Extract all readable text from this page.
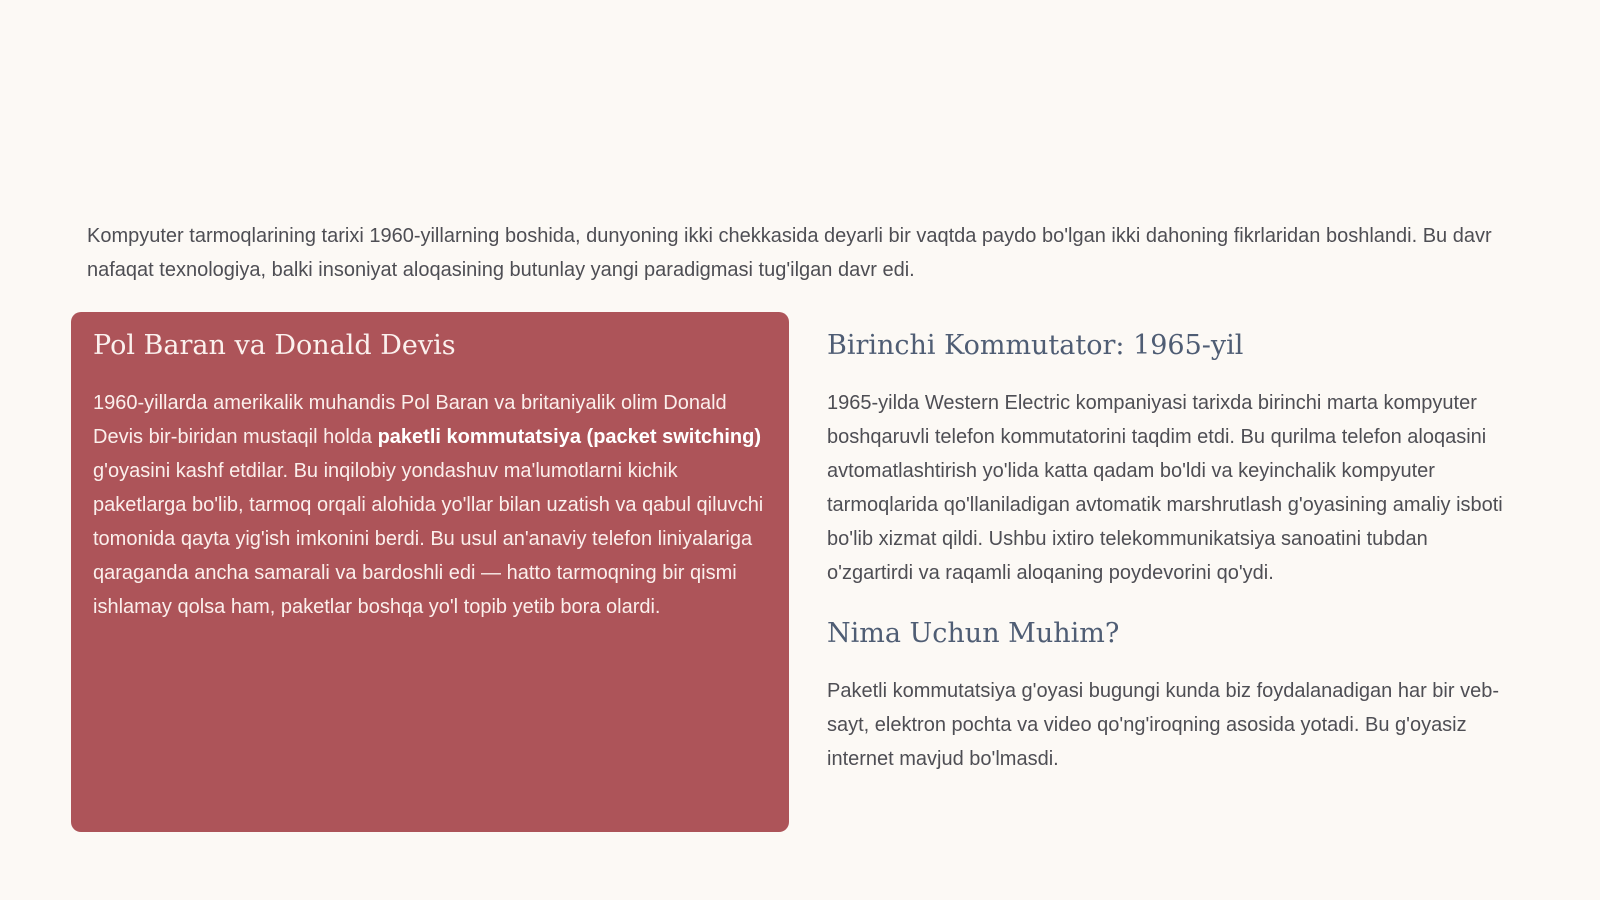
Kompyuter tarmoqlarining tarixi 1960-yillarning boshida, dunyoning ikki chekkasida deyarli bir vaqtda paydo bo'lgan ikki dahoning fikrlaridan boshlandi. Bu davr nafaqat texnologiya, balki insoniyat aloqasining butunlay yangi paradigmasi tug'ilgan davr edi.

Pol Baran va Donald Devis

1960-yillarda amerikalik muhandis Pol Baran va britaniyalik olim Donald Devis bir-biridan mustaqil holda paketli kommutatsiya (packet switching) g'oyasini kashf etdilar. Bu inqilobiy yondashuv ma'lumotlarni kichik paketlarga bo'lib, tarmoq orqali alohida yo'llar bilan uzatish va qabul qiluvchi tomonida qayta yig'ish imkonini berdi. Bu usul an'anaviy telefon liniyalariga qaraganda ancha samarali va bardoshli edi — hatto tarmoqning bir qismi ishlamay qolsa ham, paketlar boshqa yo'l topib yetib bora olardi.

Birinchi Kommutator: 1965-yil

1965-yilda Western Electric kompaniyasi tarixda birinchi marta kompyuter boshqaruvli telefon kommutatorini taqdim etdi. Bu qurilma telefon aloqasini avtomatlashtirish yo'lida katta qadam bo'ldi va keyinchalik kompyuter tarmoqlarida qo'llaniladigan avtomatik marshrutlash g'oyasining amaliy isboti bo'lib xizmat qildi. Ushbu ixtiro telekommunikatsiya sanoatini tubdan o'zgartirdi va raqamli aloqaning poydevorini qo'ydi.

Nima Uchun Muhim?

Paketli kommutatsiya g'oyasi bugungi kunda biz foydalanadigan har bir veb-sayt, elektron pochta va video qo'ng'iroqning asosida yotadi. Bu g'oyasiz internet mavjud bo'lmasdi.
